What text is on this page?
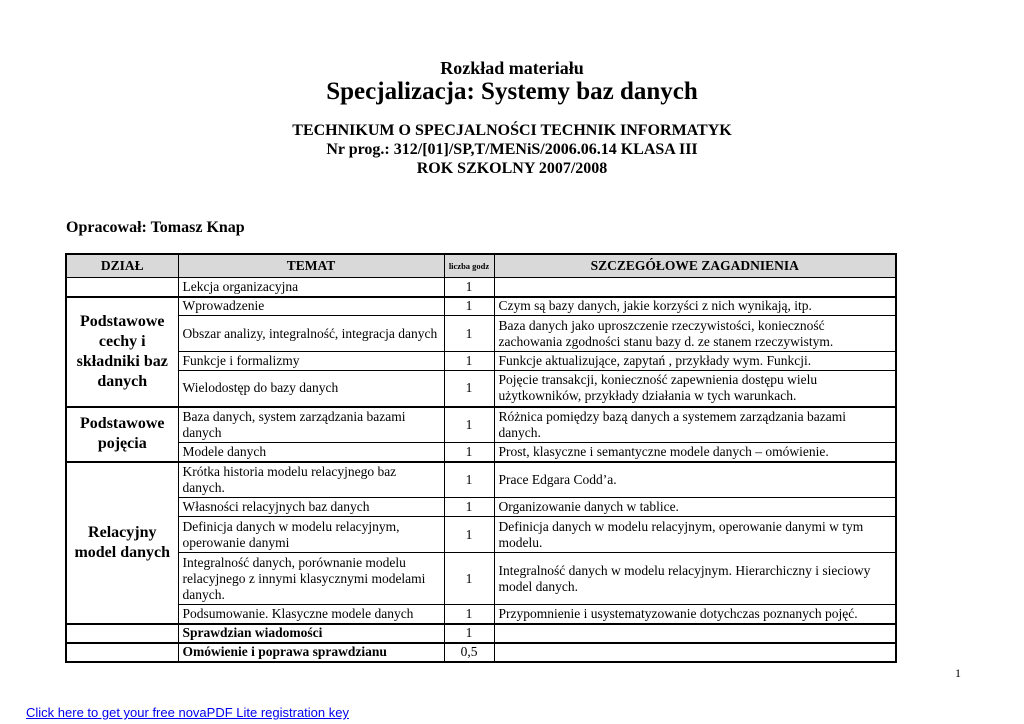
Rozkład materiału
Specjalizacja: Systemy baz danych
TECHNIKUM O SPECJALNOŚCI TECHNIK INFORMATYK
Nr prog.: 312/[01]/SP,T/MENiS/2006.06.14 KLASA III
ROK SZKOLNY 2007/2008
Opracował: Tomasz Knap
DZIAŁ	TEMAT	liczba godz	SZCZEGÓŁOWE ZAGADNIENIA
	Lekcja organizacyjna	1	
Podstawowe cechy i składniki baz danych	Wprowadzenie	1	Czym są bazy danych, jakie korzyści z nich wynikają, itp.
	Obszar analizy, integralność, integracja danych	1	Baza danych jako uproszczenie rzeczywistości, konieczność zachowania zgodności stanu bazy d. ze stanem rzeczywistym.
	Funkcje i formalizmy	1	Funkcje aktualizujące, zapytań , przykłady wym. Funkcji.
	Wielodostęp do bazy danych	1	Pojęcie transakcji, konieczność zapewnienia dostępu wielu użytkowników, przykłady działania w tych warunkach.
Podstawowe pojęcia	Baza danych, system zarządzania bazami danych	1	Różnica pomiędzy bazą danych a systemem zarządzania bazami danych.
	Modele danych	1	Prost, klasyczne i semantyczne modele danych – omówienie.
Relacyjny model danych	Krótka historia modelu relacyjnego baz danych.	1	Prace Edgara Codd’a.
	Własności relacyjnych baz danych	1	Organizowanie danych w tablice.
	Definicja danych w modelu relacyjnym, operowanie danymi	1	Definicja danych w modelu relacyjnym, operowanie danymi w tym modelu.
	Integralność danych, porównanie modelu relacyjnego z innymi klasycznymi modelami danych.	1	Integralność danych w modelu relacyjnym. Hierarchiczny i sieciowy model danych.
	Podsumowanie. Klasyczne modele danych	1	Przypomnienie i usystematyzowanie dotychczas poznanych pojęć.
	Sprawdzian wiadomości	1	
	Omówienie i poprawa sprawdzianu	0,5	
1
Click here to get your free novaPDF Lite registration key
